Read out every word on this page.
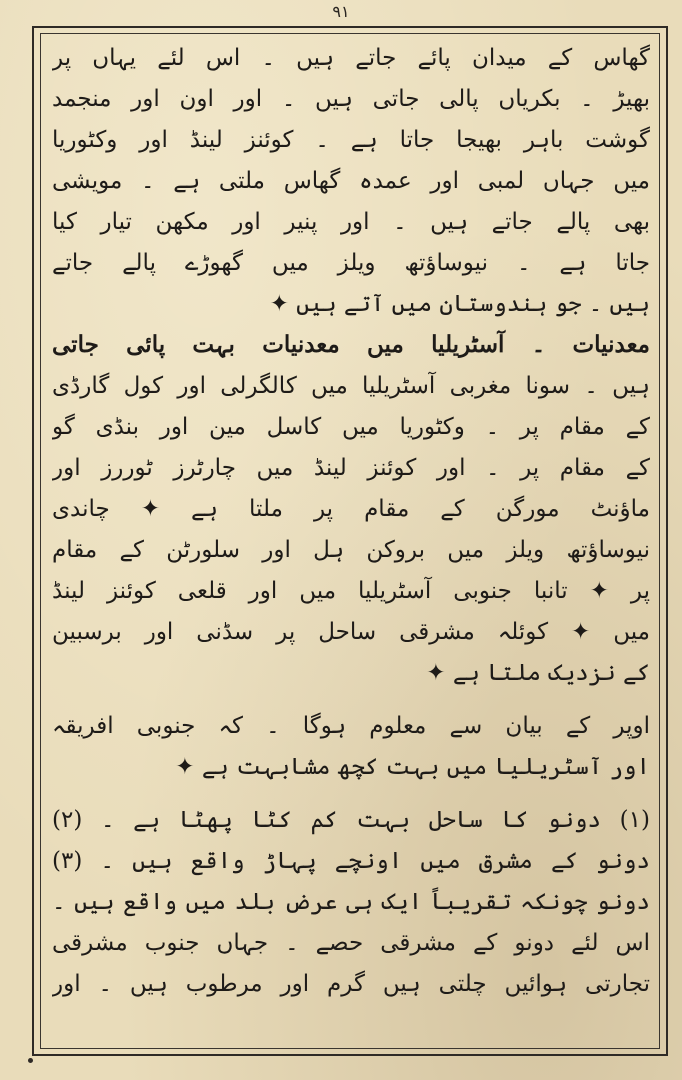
۹۱
گھاس کے میدان پائے جاتے ہیں ۔ اس لئے یہاں پر
بھیڑ ۔ بکریاں پالی جاتی ہیں ۔ اور اون اور منجمد
گوشت باہر بھیجا جاتا ہے ۔ کوئنز لینڈ اور وکٹوریا
میں جہاں لمبی اور عمدہ گھاس ملتی ہے ۔ مویشی
بھی پالے جاتے ہیں ۔ اور پنیر اور مکھن تیار کیا
جاتا ہے ۔ نیوساؤتھ ویلز میں گھوڑے پالے جاتے
ہیں ۔ جو ہندوستان میں آتے ہیں ✦
معدنیات ۔ آسٹریلیا میں معدنیات بہت پائی جاتی
ہیں ۔ سونا مغربی آسٹریلیا میں کالگرلی اور کول گارڈی
کے مقام پر ۔ وکٹوریا میں کاسل مین اور بنڈی گو
کے مقام پر ۔ اور کوئنز لینڈ میں چارٹرز ٹوررز اور
ماؤنٹ مورگن کے مقام پر ملتا ہے ✦ چاندی
نیوساؤتھ ویلز میں بروکن ہل اور سلورٹن کے مقام
پر ✦ تانبا جنوبی آسٹریلیا میں اور قلعی کوئنز لینڈ
میں ✦ کوئلہ مشرقی ساحل پر سڈنی اور برسبین
کے نزدیک ملتا ہے ✦
اوپر کے بیان سے معلوم ہوگا ۔ کہ جنوبی افریقہ
اور آسٹریلیا میں بہت کچھ مشابہت ہے ✦
(۱) دونو کا ساحل بہت کم کٹا پھٹا ہے ۔ (۲)
دونو کے مشرق میں اونچے پہاڑ واقع ہیں ۔ (۳)
دونو چونکہ تقریباً ایک ہی عرض بلد میں واقع ہیں ۔
اس لئے دونو کے مشرقی حصے ۔ جہاں جنوب مشرقی
تجارتی ہوائیں چلتی ہیں گرم اور مرطوب ہیں ۔ اور
